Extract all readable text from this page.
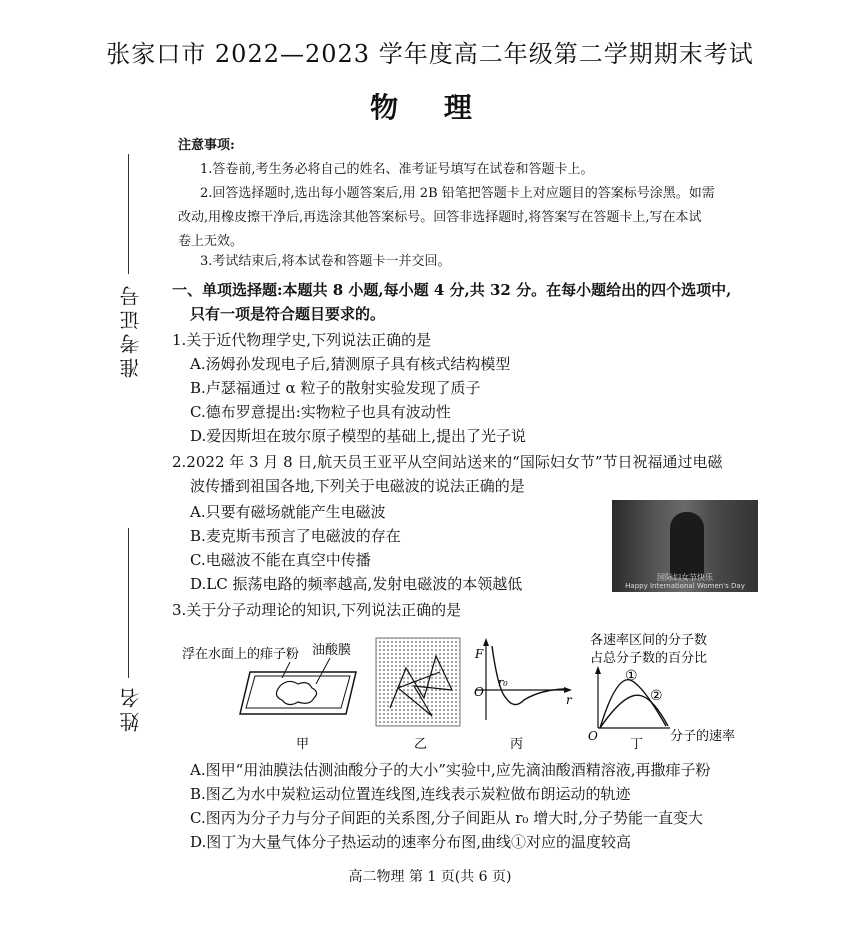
张家口市 2022—2023 学年度高二年级第二学期期末考试
物 理
准考证号
姓名
注意事项:
1.答卷前,考生务必将自己的姓名、准考证号填写在试卷和答题卡上。
2.回答选择题时,选出每小题答案后,用 2B 铅笔把答题卡上对应题目的答案标号涂黑。如需
改动,用橡皮擦干净后,再选涂其他答案标号。回答非选择题时,将答案写在答题卡上,写在本试
卷上无效。
3.考试结束后,将本试卷和答题卡一并交回。
一、单项选择题:本题共 8 小题,每小题 4 分,共 32 分。在每小题给出的四个选项中,
只有一项是符合题目要求的。
1.关于近代物理学史,下列说法正确的是
A.汤姆孙发现电子后,猜测原子具有核式结构模型
B.卢瑟福通过 α 粒子的散射实验发现了质子
C.德布罗意提出:实物粒子也具有波动性
D.爱因斯坦在玻尔原子模型的基础上,提出了光子说
2.2022 年 3 月 8 日,航天员王亚平从空间站送来的“国际妇女节”节日祝福通过电磁
波传播到祖国各地,下列关于电磁波的说法正确的是
A.只要有磁场就能产生电磁波
B.麦克斯韦预言了电磁波的存在
C.电磁波不能在真空中传播
D.LC 振荡电路的频率越高,发射电磁波的本领越低	国际妇女节快乐
Happy International Women's Day
3.关于分子动理论的知识,下列说法正确的是
浮在水面上的痱子粉 油酸膜
甲	乙
F
O
r₀
r
丙
各速率区间的分子数
占总分子数的百分比
①
②
O	分子的速率
丁
A.图甲“用油膜法估测油酸分子的大小”实验中,应先滴油酸酒精溶液,再撒痱子粉
B.图乙为水中炭粒运动位置连线图,连线表示炭粒做布朗运动的轨迹
C.图丙为分子力与分子间距的关系图,分子间距从 r₀ 增大时,分子势能一直变大
D.图丁为大量气体分子热运动的速率分布图,曲线①对应的温度较高
高二物理 第 1 页(共 6 页)
